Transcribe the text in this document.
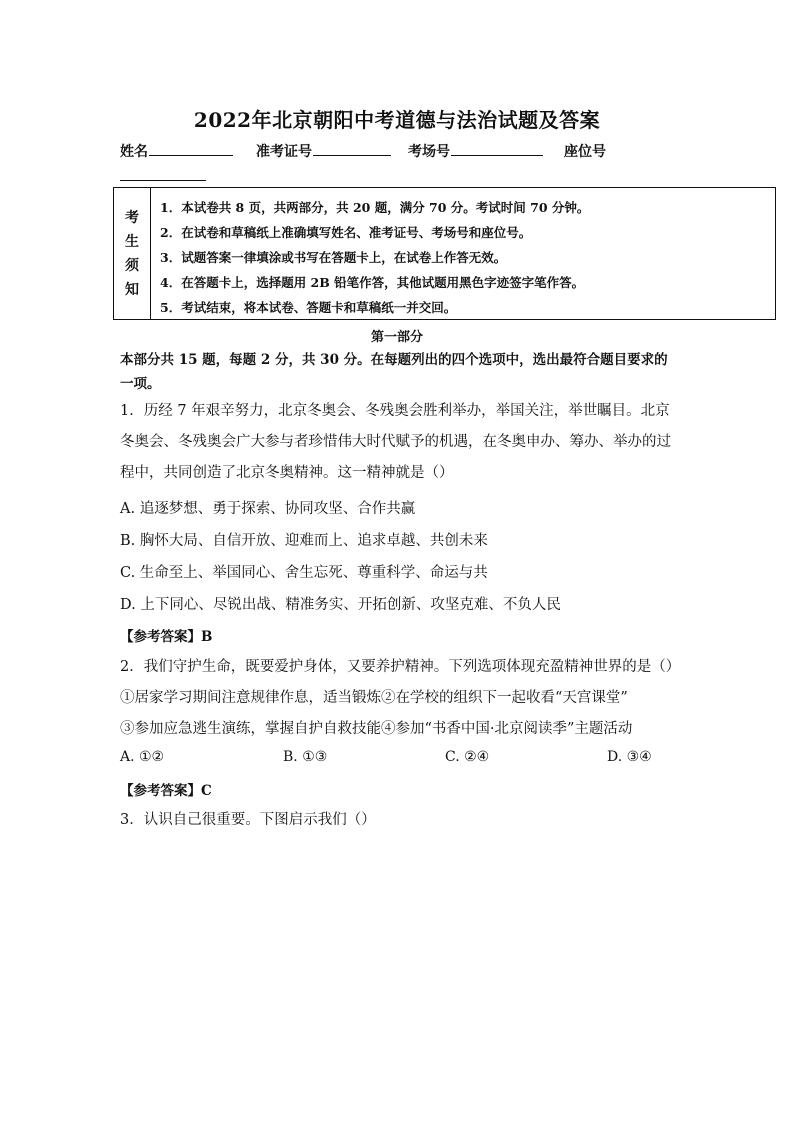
2022年北京朝阳中考道德与法治试题及答案
姓名	准考证号	考场号	座位号
考
生
须
知
1．本试卷共 8 页，共两部分，共 20 题，满分 70 分。考试时间 70 分钟。
2．在试卷和草稿纸上准确填写姓名、准考证号、考场号和座位号。
3．试题答案一律填涂或书写在答题卡上，在试卷上作答无效。
4．在答题卡上，选择题用 2B 铅笔作答，其他试题用黑色字迹签字笔作答。
5．考试结束，将本试卷、答题卡和草稿纸一并交回。
第一部分
本部分共 15 题，每题 2 分，共 30 分。在每题列出的四个选项中，选出最符合题目要求的一项。
1．历经 7 年艰辛努力，北京冬奥会、冬残奥会胜利举办，举国关注，举世瞩目。北京冬奥会、冬残奥会广大参与者珍惜伟大时代赋予的机遇，在冬奥申办、筹办、举办的过程中，共同创造了北京冬奥精神。这一精神就是（）
A. 追逐梦想、勇于探索、协同攻坚、合作共赢
B. 胸怀大局、自信开放、迎难而上、追求卓越、共创未来
C. 生命至上、举国同心、舍生忘死、尊重科学、命运与共
D. 上下同心、尽锐出战、精准务实、开拓创新、攻坚克难、不负人民
【参考答案】B
2．我们守护生命，既要爱护身体，又要养护精神。下列选项体现充盈精神世界的是（）
①居家学习期间注意规律作息，适当锻炼②在学校的组织下一起收看“天宫课堂”
③参加应急逃生演练，掌握自护自救技能④参加“书香中国·北京阅读季”主题活动
A. ①②	B. ①③	C. ②④	D. ③④
【参考答案】C
3．认识自己很重要。下图启示我们（）
